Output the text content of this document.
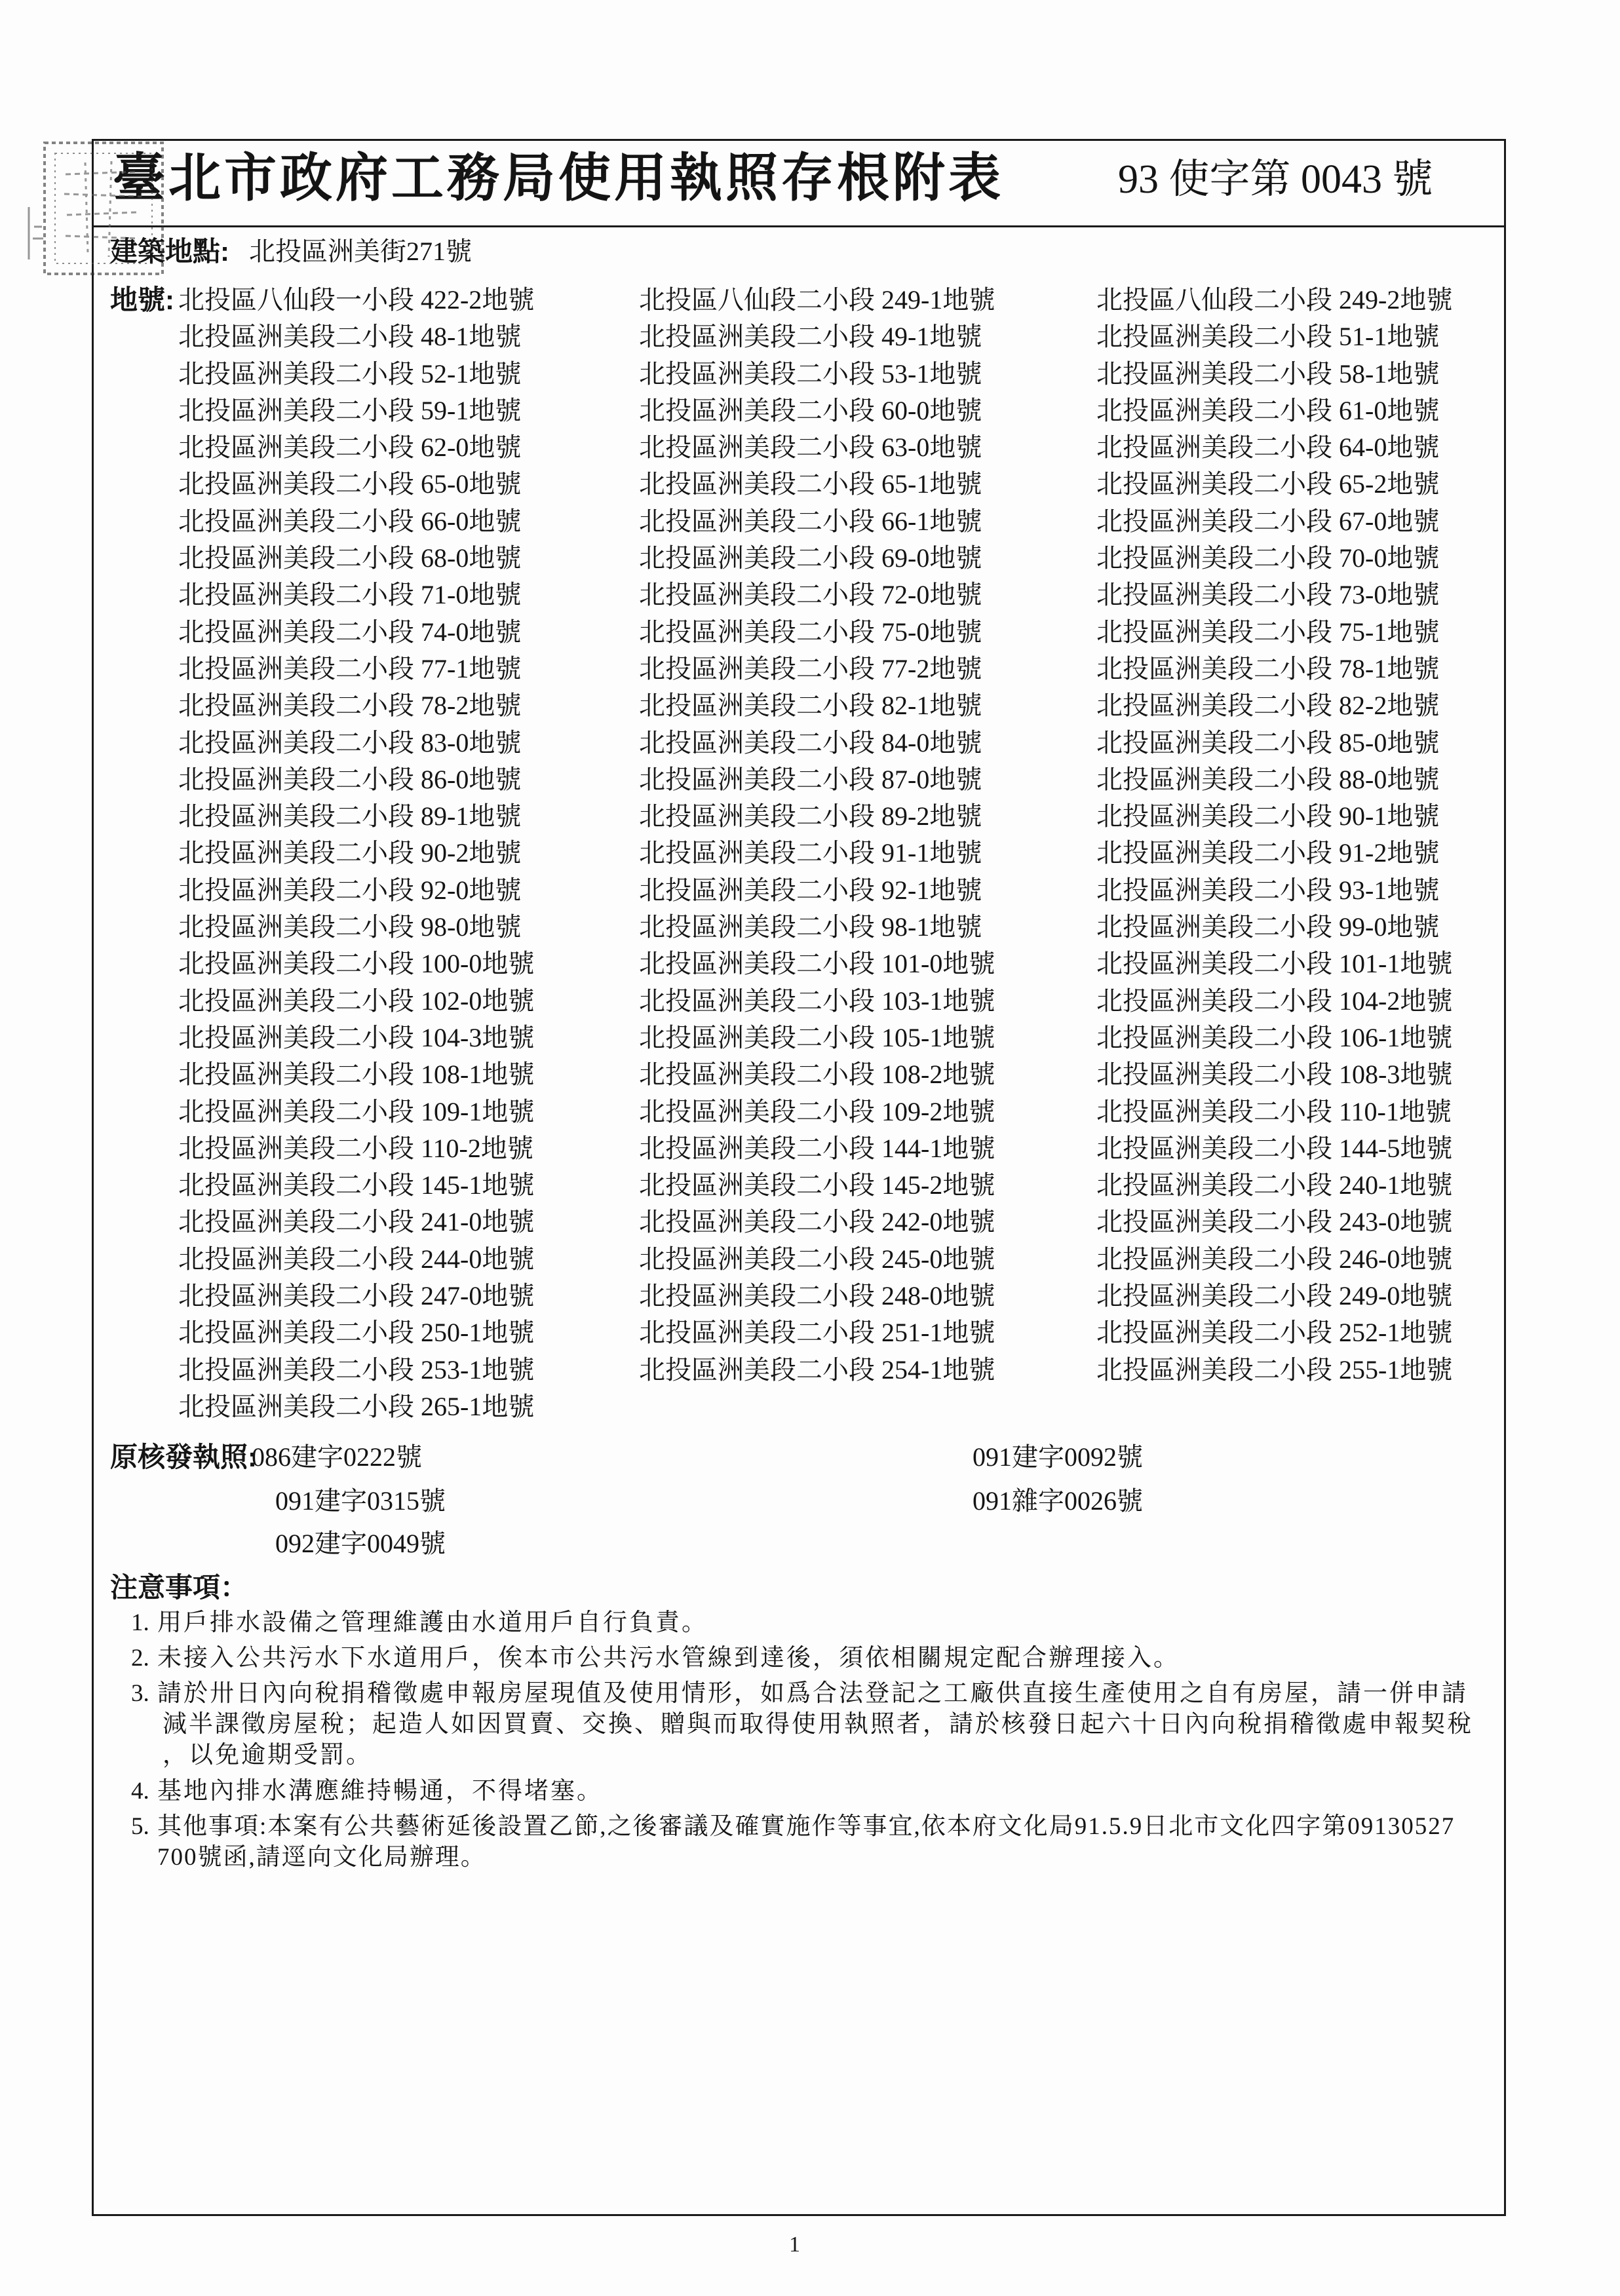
臺北市政府工務局使用執照存根附表	93 使字第 0043 號
建築地點: 北投區洲美街271號
地號: 北投區八仙段一小段 422-2地號	北投區八仙段二小段 249-1地號	北投區八仙段二小段 249-2地號
北投區洲美段二小段 48-1地號	北投區洲美段二小段 49-1地號	北投區洲美段二小段 51-1地號
北投區洲美段二小段 52-1地號	北投區洲美段二小段 53-1地號	北投區洲美段二小段 58-1地號
北投區洲美段二小段 59-1地號	北投區洲美段二小段 60-0地號	北投區洲美段二小段 61-0地號
北投區洲美段二小段 62-0地號	北投區洲美段二小段 63-0地號	北投區洲美段二小段 64-0地號
北投區洲美段二小段 65-0地號	北投區洲美段二小段 65-1地號	北投區洲美段二小段 65-2地號
北投區洲美段二小段 66-0地號	北投區洲美段二小段 66-1地號	北投區洲美段二小段 67-0地號
北投區洲美段二小段 68-0地號	北投區洲美段二小段 69-0地號	北投區洲美段二小段 70-0地號
北投區洲美段二小段 71-0地號	北投區洲美段二小段 72-0地號	北投區洲美段二小段 73-0地號
北投區洲美段二小段 74-0地號	北投區洲美段二小段 75-0地號	北投區洲美段二小段 75-1地號
北投區洲美段二小段 77-1地號	北投區洲美段二小段 77-2地號	北投區洲美段二小段 78-1地號
北投區洲美段二小段 78-2地號	北投區洲美段二小段 82-1地號	北投區洲美段二小段 82-2地號
北投區洲美段二小段 83-0地號	北投區洲美段二小段 84-0地號	北投區洲美段二小段 85-0地號
北投區洲美段二小段 86-0地號	北投區洲美段二小段 87-0地號	北投區洲美段二小段 88-0地號
北投區洲美段二小段 89-1地號	北投區洲美段二小段 89-2地號	北投區洲美段二小段 90-1地號
北投區洲美段二小段 90-2地號	北投區洲美段二小段 91-1地號	北投區洲美段二小段 91-2地號
北投區洲美段二小段 92-0地號	北投區洲美段二小段 92-1地號	北投區洲美段二小段 93-1地號
北投區洲美段二小段 98-0地號	北投區洲美段二小段 98-1地號	北投區洲美段二小段 99-0地號
北投區洲美段二小段 100-0地號	北投區洲美段二小段 101-0地號	北投區洲美段二小段 101-1地號
北投區洲美段二小段 102-0地號	北投區洲美段二小段 103-1地號	北投區洲美段二小段 104-2地號
北投區洲美段二小段 104-3地號	北投區洲美段二小段 105-1地號	北投區洲美段二小段 106-1地號
北投區洲美段二小段 108-1地號	北投區洲美段二小段 108-2地號	北投區洲美段二小段 108-3地號
北投區洲美段二小段 109-1地號	北投區洲美段二小段 109-2地號	北投區洲美段二小段 110-1地號
北投區洲美段二小段 110-2地號	北投區洲美段二小段 144-1地號	北投區洲美段二小段 144-5地號
北投區洲美段二小段 145-1地號	北投區洲美段二小段 145-2地號	北投區洲美段二小段 240-1地號
北投區洲美段二小段 241-0地號	北投區洲美段二小段 242-0地號	北投區洲美段二小段 243-0地號
北投區洲美段二小段 244-0地號	北投區洲美段二小段 245-0地號	北投區洲美段二小段 246-0地號
北投區洲美段二小段 247-0地號	北投區洲美段二小段 248-0地號	北投區洲美段二小段 249-0地號
北投區洲美段二小段 250-1地號	北投區洲美段二小段 251-1地號	北投區洲美段二小段 252-1地號
北投區洲美段二小段 253-1地號	北投區洲美段二小段 254-1地號	北投區洲美段二小段 255-1地號
北投區洲美段二小段 265-1地號
原核發執照:
086建字0222號	091建字0092號
091建字0315號	091雜字0026號
092建字0049號
注意事項：
1. 用戶排水設備之管理維護由水道用戶自行負責。
2. 未接入公共污水下水道用戶，俟本市公共污水管線到達後，須依相關規定配合辦理接入。
3. 請於卅日內向稅捐稽徵處申報房屋現值及使用情形，如爲合法登記之工廠供直接生產使用之自有房屋，請一併申請
減半課徵房屋稅；起造人如因買賣、交換、贈與而取得使用執照者，請於核發日起六十日內向稅捐稽徵處申報契稅
，以免逾期受罰。
4. 基地內排水溝應維持暢通，不得堵塞。
5. 其他事項:本案有公共藝術延後設置乙節,之後審議及確實施作等事宜,依本府文化局91.5.9日北市文化四字第09130527
700號函,請逕向文化局辦理。
1
